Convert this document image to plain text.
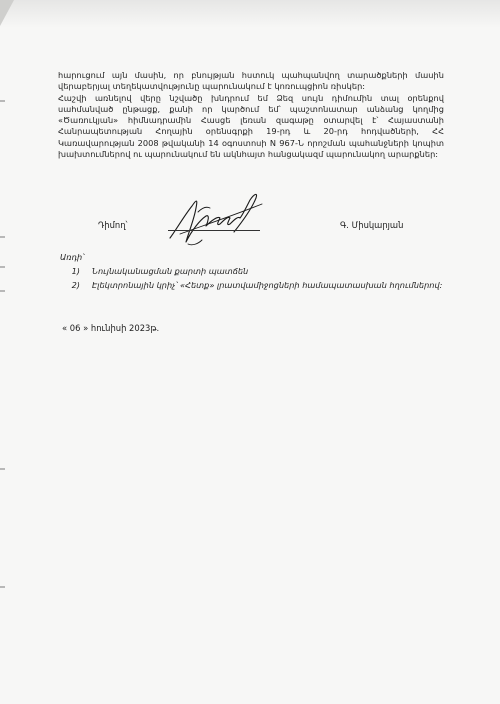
հարուցում այն մասին, որ բնույթյան հստուկ պահպանվող տարածքների մասին վերաբերյալ տեղեկատվությունը պարունակում է կոռուպցիոն ռիսկեր:

Հաշվի առնելով վերը նշվածը խնդրում եմ Ձեզ սույն դիմումին տալ օրենքով սահմանված ընթացք, քանի որ կարծում եմ՝ պաշտոնատար անձանց կողմից «Ծառուկյան» հիմնադրամին Հասցե լեռան զագաթը օտարվել է՝ Հայաստանի Հանրապետության Հողային օրենսգրքի 19-րդ և 20-րդ հոդվածների, ՀՀ Կառավարության 2008 թվականի 14 օգոստոսի N 967-Ն որոշման պահանջների կոպիտ խախտումներով ու պարունակում են ակնհայտ հանցակազմ պարունակող արարքներ:

Դիմող՝	Գ. Միսկարյան

Առդի՝

1)	Նույնականացման քարտի պատճեն
2)	Էլեկտրոնային կրիչ՝ «Հետք» լրատվամիջոցների համապատասխան հղումներով:
« 06 » հունիսի 2023թ.
